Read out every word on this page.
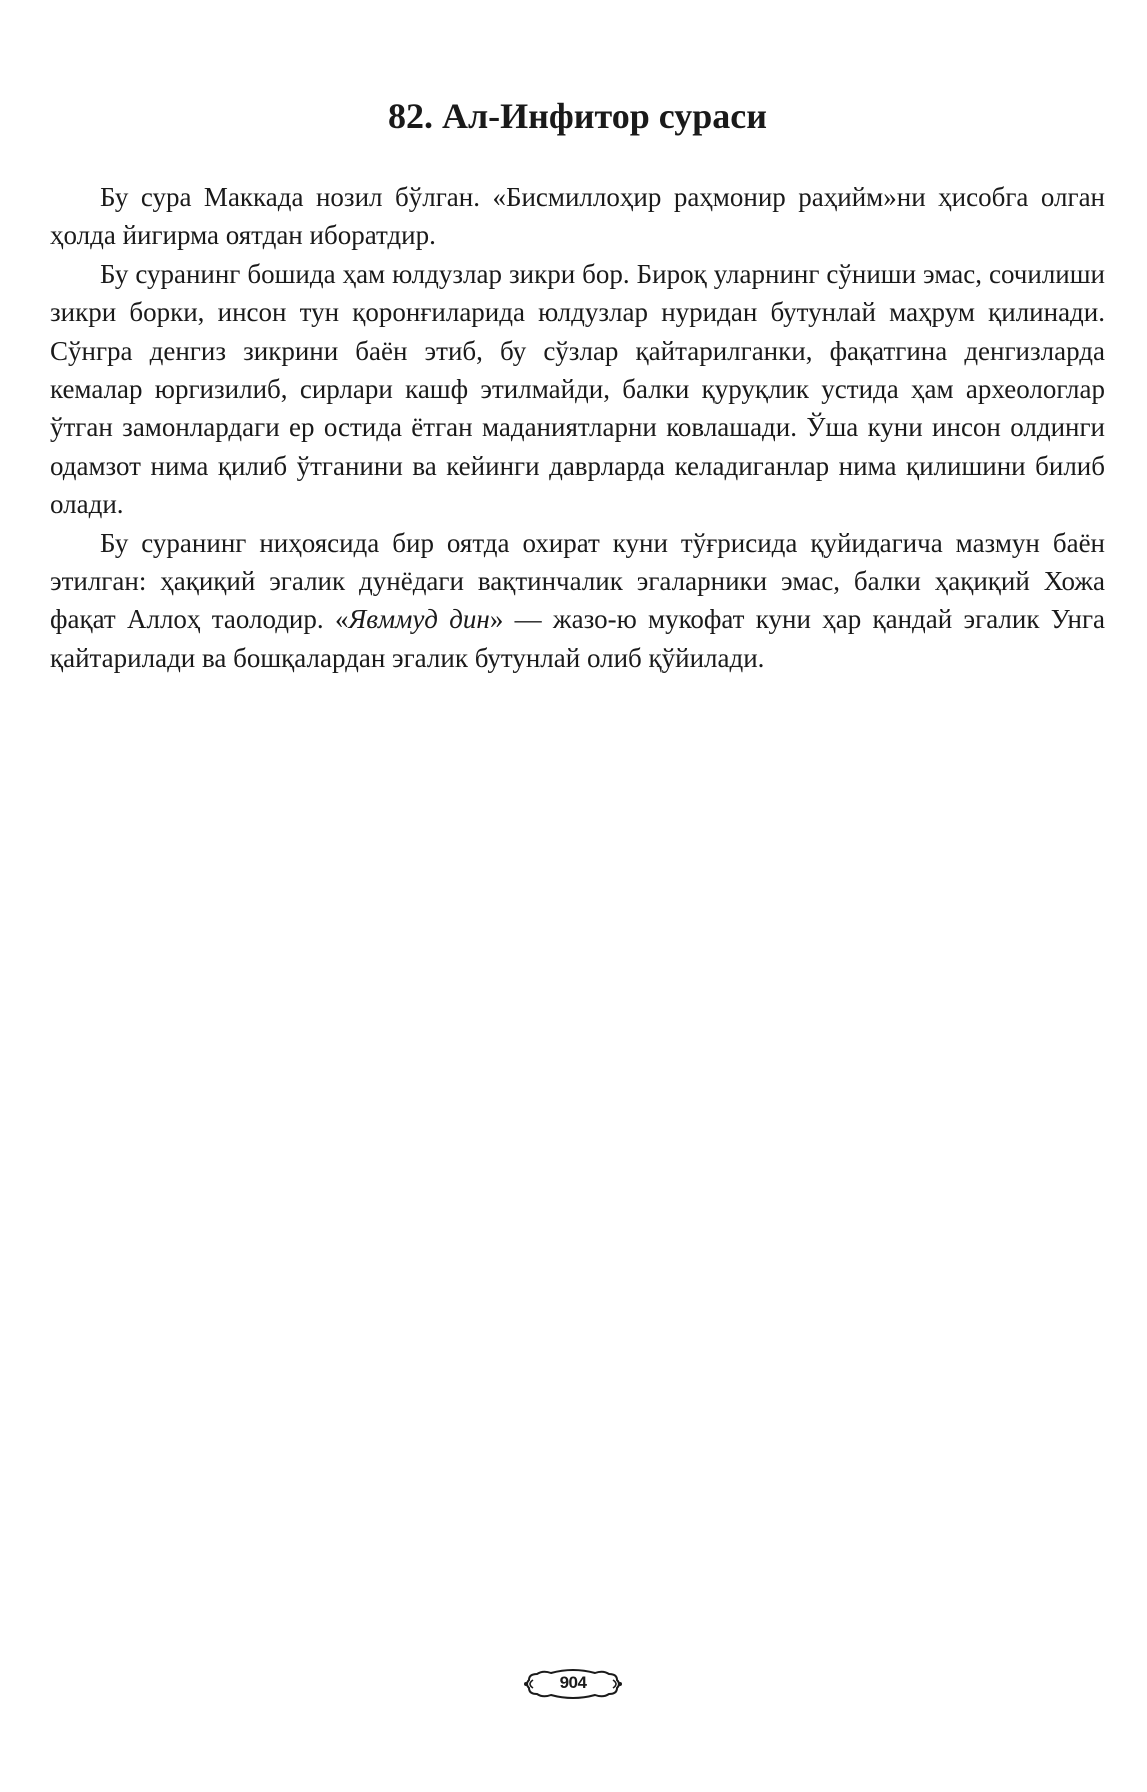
82. Ал-Инфитор сураси

Бу сура Маккада нозил бўлган. «Бисмиллоҳир раҳмонир раҳийм»ни ҳисобга олган ҳолда йигирма оятдан иборатдир.

Бу суранинг бошида ҳам юлдузлар зикри бор. Бироқ уларнинг сўниши эмас, сочилиши зикри борки, инсон тун қоронғиларида юлдузлар нуридан бутунлай маҳрум қилинади. Сўнгра денгиз зикрини баён этиб, бу сўзлар қайтарилганки, фақатгина денгизларда кемалар юргизилиб, сирлари кашф этилмайди, балки қуруқлик устида ҳам археологлар ўтган замонлардаги ер остида ётган маданиятларни ковлашади. Ўша куни инсон олдинги одамзот нима қилиб ўтганини ва кейинги даврларда келадиганлар нима қилишини билиб олади.

Бу суранинг ниҳоясида бир оятда охират куни тўғрисида қуйидагича мазмун баён этилган: ҳақиқий эгалик дунёдаги вақтинчалик эгаларники эмас, балки ҳақиқий Хожа фақат Аллоҳ таолодир. «Явммуд дин» — жазо-ю мукофат куни ҳар қандай эгалик Унга қайтарилади ва бошқалардан эгалик бутунлай олиб қўйилади.

904
